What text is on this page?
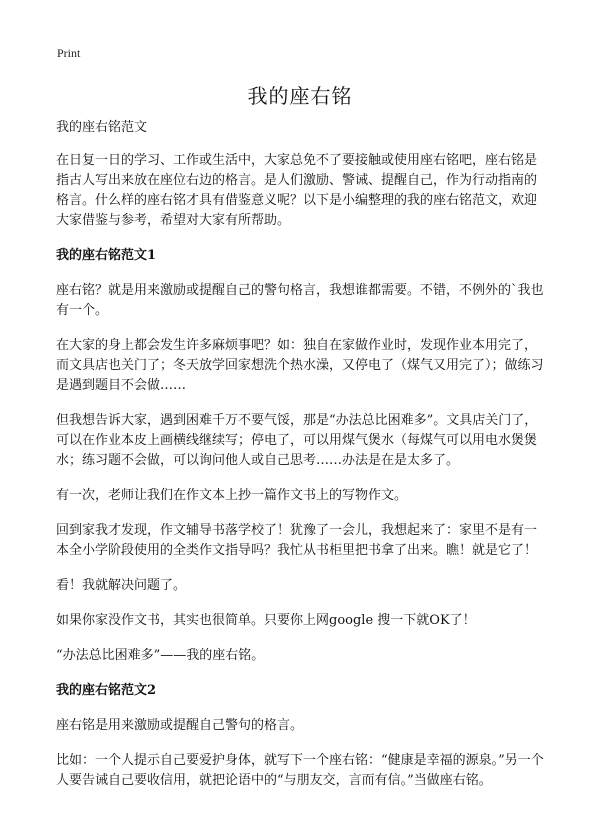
Print
我的座右铭

我的座右铭范文

在日复一日的学习、工作或生活中，大家总免不了要接触或使用座右铭吧，座右铭是指古人写出来放在座位右边的格言。是人们激励、警诫、提醒自己，作为行动指南的格言。什么样的座右铭才具有借鉴意义呢？以下是小编整理的我的座右铭范文，欢迎大家借鉴与参考，希望对大家有所帮助。

我的座右铭范文1

座右铭？就是用来激励或提醒自己的警句格言，我想谁都需要。不错，不例外的`我也有一个。

在大家的身上都会发生许多麻烦事吧？如：独自在家做作业时，发现作业本用完了，而文具店也关门了；冬天放学回家想洗个热水澡，又停电了（煤气又用完了）；做练习是遇到题目不会做……

但我想告诉大家，遇到困难千万不要气馁，那是“办法总比困难多”。文具店关门了，可以在作业本皮上画横线继续写；停电了，可以用煤气煲水（每煤气可以用电水煲煲水；练习题不会做，可以询问他人或自己思考……办法是在是太多了。

有一次，老师让我们在作文本上抄一篇作文书上的写物作文。

回到家我才发现，作文辅导书落学校了！犹豫了一会儿，我想起来了：家里不是有一本全小学阶段使用的全类作文指导吗？我忙从书柜里把书拿了出来。瞧！就是它了！

看！我就解决问题了。

如果你家没作文书，其实也很简单。只要你上网google 搜一下就OK了！

“办法总比困难多”——我的座右铭。

我的座右铭范文2

座右铭是用来激励或提醒自己警句的格言。

比如：一个人提示自己要爱护身体，就写下一个座右铭：“健康是幸福的源泉。”另一个人要告诫自己要收信用，就把论语中的“与朋友交，言而有信。”当做座右铭。
